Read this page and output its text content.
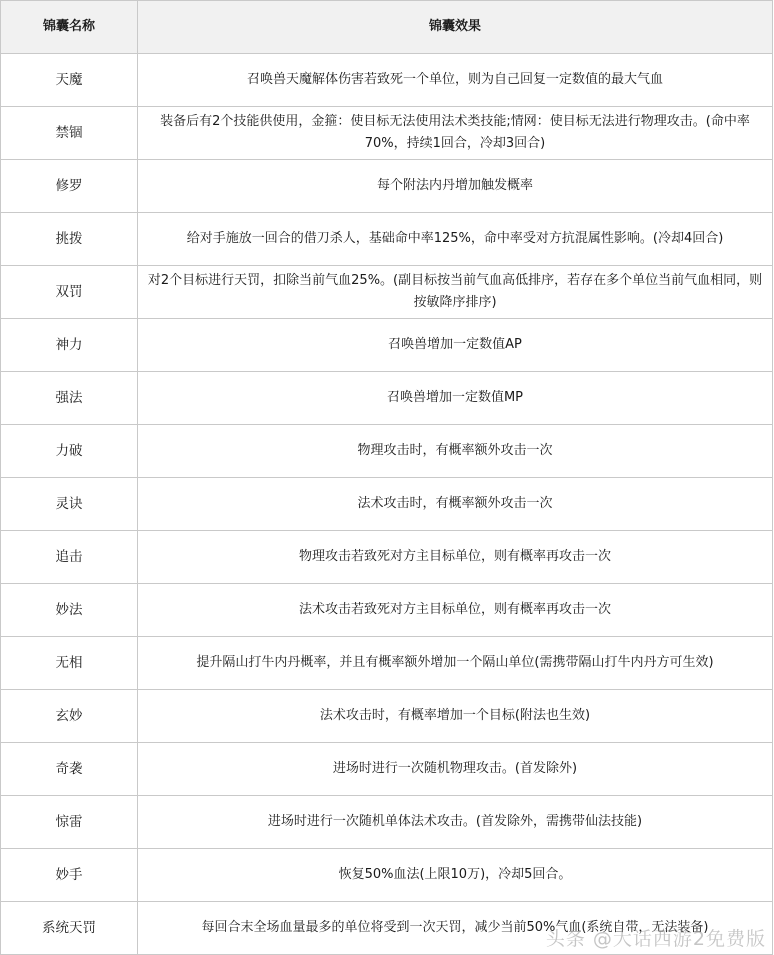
锦囊名称	锦囊效果
天魔	召唤兽天魔解体伤害若致死一个单位，则为自己回复一定数值的最大气血
禁锢	装备后有2个技能供使用，金箍：使目标无法使用法术类技能;情网：使目标无法进行物理攻击。(命中率70%，持续1回合，冷却3回合)
修罗	每个附法内丹增加触发概率
挑拨	给对手施放一回合的借刀杀人，基础命中率125%，命中率受对方抗混属性影响。(冷却4回合)
双罚	对2个目标进行天罚，扣除当前气血25%。(副目标按当前气血高低排序，若存在多个单位当前气血相同，则按敏降序排序)
神力	召唤兽增加一定数值AP
强法	召唤兽增加一定数值MP
力破	物理攻击时，有概率额外攻击一次
灵诀	法术攻击时，有概率额外攻击一次
追击	物理攻击若致死对方主目标单位，则有概率再攻击一次
妙法	法术攻击若致死对方主目标单位，则有概率再攻击一次
无相	提升隔山打牛内丹概率，并且有概率额外增加一个隔山单位(需携带隔山打牛内丹方可生效)
玄妙	法术攻击时，有概率增加一个目标(附法也生效)
奇袭	进场时进行一次随机物理攻击。(首发除外)
惊雷	进场时进行一次随机单体法术攻击。(首发除外，需携带仙法技能)
妙手	恢复50%血法(上限10万)，冷却5回合。
系统天罚	每回合末全场血量最多的单位将受到一次天罚，减少当前50%气血(系统自带，无法装备)
头条 @大话西游2免费版
